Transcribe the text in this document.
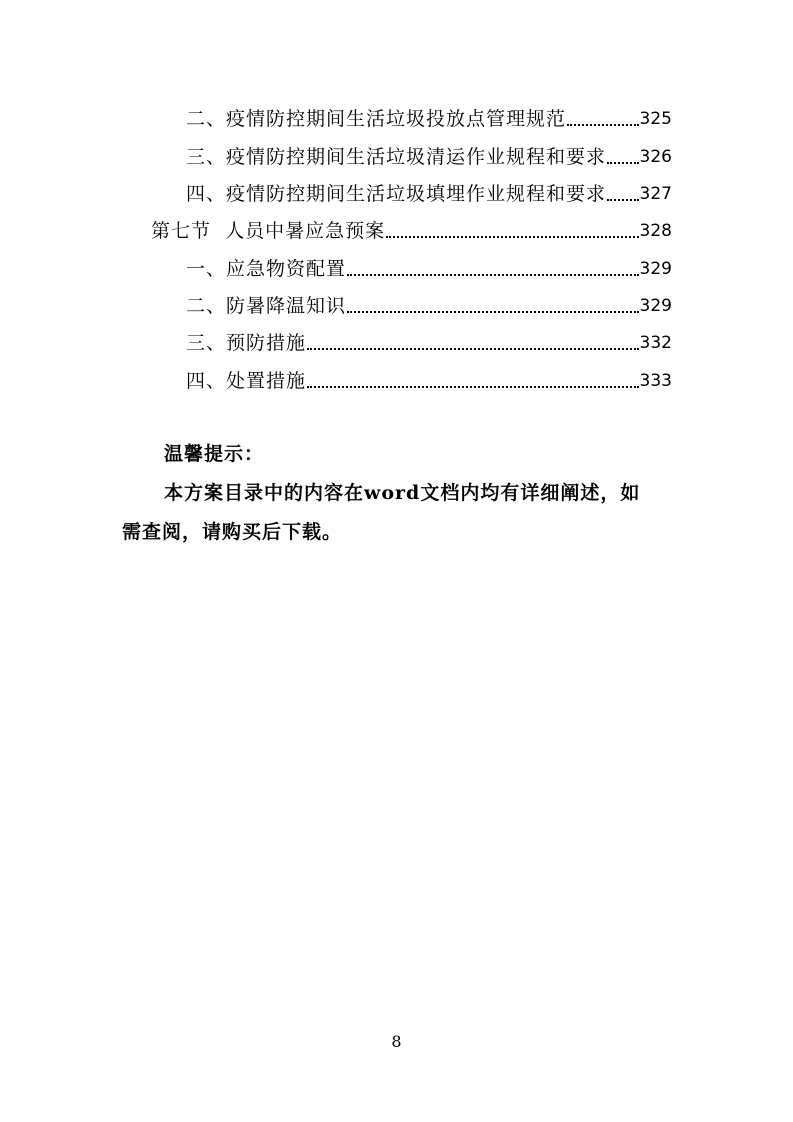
二、疫情防控期间生活垃圾投放点管理规范	325
三、疫情防控期间生活垃圾清运作业规程和要求 326
四、疫情防控期间生活垃圾填埋作业规程和要求 327
第七节  人员中暑应急预案	328
一、应急物资配置	329
二、防暑降温知识	329
三、预防措施	332
四、处置措施	333
温馨提示：
本方案目录中的内容在word文档内均有详细阐述，如
需查阅，请购买后下载。
8
